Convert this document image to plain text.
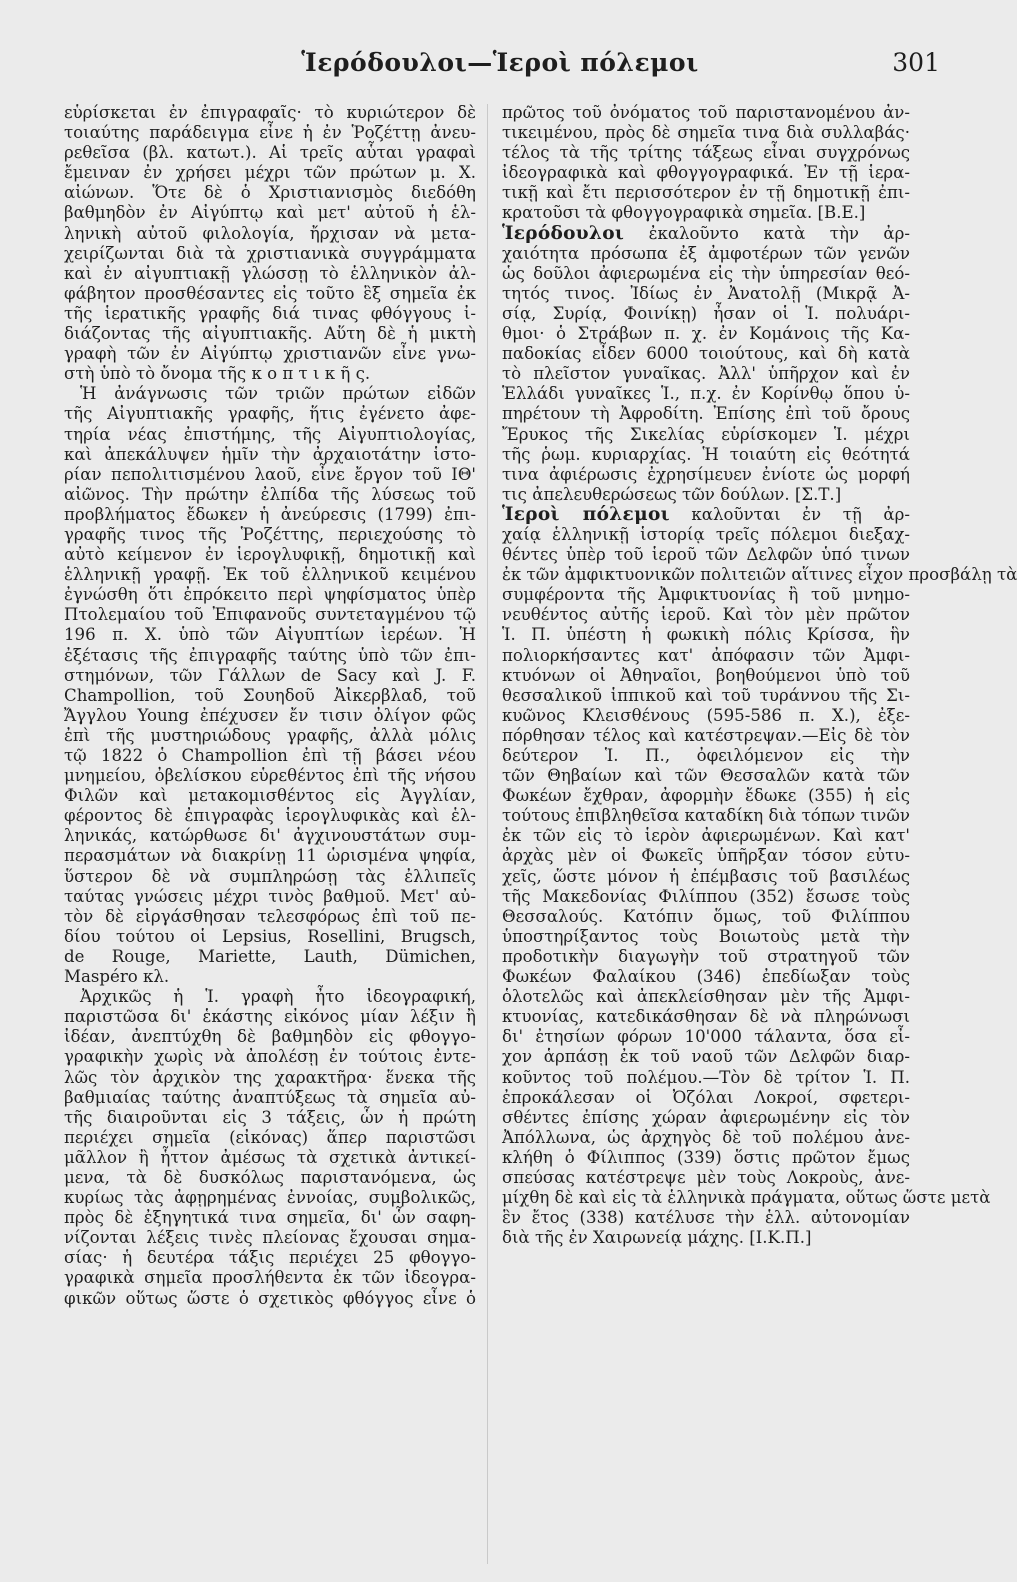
Ἱερόδουλοι—Ἱεροὶ πόλεμοι	301
εὑρίσκεται ἐν ἐπιγραφαῖς· τὸ κυριώτερον δὲ
τοιαύτης παράδειγμα εἶνε ἡ ἐν Ῥοζέττῃ ἀνευ-
ρεθεῖσα (βλ. κατωτ.). Αἱ τρεῖς αὗται γραφαὶ
ἔμειναν ἐν χρήσει μέχρι τῶν πρώτων μ. Χ.
αἰώνων. Ὅτε δὲ ὁ Χριστιανισμὸς διεδόθη
βαθμηδὸν ἐν Αἰγύπτῳ καὶ μετ' αὐτοῦ ἡ ἑλ-
ληνικὴ αὐτοῦ φιλολογία, ἤρχισαν νὰ μετα-
χειρίζωνται διὰ τὰ χριστιανικὰ συγγράμματα
καὶ ἐν αἰγυπτιακῇ γλώσσῃ τὸ ἑλληνικὸν ἀλ-
φάβητον προσθέσαντες εἰς τοῦτο ἓξ σημεῖα ἐκ
τῆς ἱερατικῆς γραφῆς διά τινας φθόγγους ἰ-
διάζοντας τῆς αἰγυπτιακῆς. Αὕτη δὲ ἡ μικτὴ
γραφὴ τῶν ἐν Αἰγύπτῳ χριστιανῶν εἶνε γνω-
στὴ ὑπὸ τὸ ὄνομα τῆς κ ο π τ ι κ ῆ ς.
Ἡ ἀνάγνωσις τῶν τριῶν πρώτων εἰδῶν
τῆς Αἰγυπτιακῆς γραφῆς, ἥτις ἐγένετο ἀφε-
τηρία νέας ἐπιστήμης, τῆς Αἰγυπτιολογίας,
καὶ ἀπεκάλυψεν ἡμῖν τὴν ἀρχαιοτάτην ἱστο-
ρίαν πεπολιτισμένου λαοῦ, εἶνε ἔργον τοῦ ΙΘ'
αἰῶνος. Τὴν πρώτην ἐλπίδα τῆς λύσεως τοῦ
προβλήματος ἔδωκεν ἡ ἀνεύρεσις (1799) ἐπι-
γραφῆς τινος τῆς Ῥοζέττης, περιεχούσης τὸ
αὐτὸ κείμενον ἐν ἱερογλυφικῇ, δημοτικῇ καὶ
ἑλληνικῇ γραφῇ. Ἐκ τοῦ ἑλληνικοῦ κειμένου
ἐγνώσθη ὅτι ἐπρόκειτο περὶ ψηφίσματος ὑπὲρ
Πτολεμαίου τοῦ Ἐπιφανοῦς συντεταγμένου τῷ
196 π. Χ. ὑπὸ τῶν Αἰγυπτίων ἱερέων. Ἡ
ἐξέτασις τῆς ἐπιγραφῆς ταύτης ὑπὸ τῶν ἐπι-
στημόνων, τῶν Γάλλων de Sacy καὶ J. F.
Champollion, τοῦ Σουηδοῦ Ἀἰκερβλαδ, τοῦ
Ἄγγλου Young ἐπέχυσεν ἔν τισιν ὀλίγον φῶς
ἐπὶ τῆς μυστηριώδους γραφῆς, ἀλλὰ μόλις
τῷ 1822 ὁ Champollion ἐπὶ τῇ βάσει νέου
μνημείου, ὀβελίσκου εὑρεθέντος ἐπὶ τῆς νήσου
Φιλῶν καὶ μετακομισθέντος εἰς Ἀγγλίαν,
φέροντος δὲ ἐπιγραφὰς ἱερογλυφικὰς καὶ ἑλ-
ληνικάς, κατώρθωσε δι' ἀγχινουστάτων συμ-
περασμάτων νὰ διακρίνῃ 11 ὡρισμένα ψηφία,
ὕστερον δὲ νὰ συμπληρώσῃ τὰς ἐλλιπεῖς
ταύτας γνώσεις μέχρι τινὸς βαθμοῦ. Μετ' αὐ-
τὸν δὲ εἰργάσθησαν τελεσφόρως ἐπὶ τοῦ πε-
δίου τούτου οἱ Lepsius, Rosellini, Brugsch,
de Rouge, Mariette, Lauth, Dümichen,
Maspéro κλ.
Ἀρχικῶς ἡ Ἱ. γραφὴ ἦτο ἰδεογραφική,
παριστῶσα δι' ἑκάστης εἰκόνος μίαν λέξιν ἢ
ἰδέαν, ἀνεπτύχθη δὲ βαθμηδὸν εἰς φθογγο-
γραφικὴν χωρὶς νὰ ἀπολέσῃ ἐν τούτοις ἐντε-
λῶς τὸν ἀρχικὸν της χαρακτῆρα· ἕνεκα τῆς
βαθμιαίας ταύτης ἀναπτύξεως τὰ σημεῖα αὐ-
τῆς διαιροῦνται εἰς 3 τάξεις, ὧν ἡ πρώτη
περιέχει σημεῖα (εἰκόνας) ἅπερ παριστῶσι
μᾶλλον ἢ ἧττον ἀμέσως τὰ σχετικὰ ἀντικεί-
μενα, τὰ δὲ δυσκόλως παριστανόμενα, ὡς
κυρίως τὰς ἀφῃρημένας ἐννοίας, συμβολικῶς,
πρὸς δὲ ἐξηγητικά τινα σημεῖα, δι' ὧν σαφη-
νίζονται λέξεις τινὲς πλείονας ἔχουσαι σημα-
σίας· ἡ δευτέρα τάξις περιέχει 25 φθογγο-
γραφικὰ σημεῖα προσλήθεντα ἐκ τῶν ἰδεογρα-
φικῶν οὕτως ὥστε ὁ σχετικὸς φθόγγος εἶνε ὁ
πρῶτος τοῦ ὀνόματος τοῦ παριστανομένου ἀν-
τικειμένου, πρὸς δὲ σημεῖα τινα διὰ συλλαβάς·
τέλος τὰ τῆς τρίτης τάξεως εἶναι συγχρόνως
ἰδεογραφικὰ καὶ φθογγογραφικά. Ἐν τῇ ἱερα-
τικῇ καὶ ἔτι περισσότερον ἐν τῇ δημοτικῇ ἐπι-
κρατοῦσι τὰ φθογγογραφικὰ σημεῖα. [Β.Ε.]
Ἱερόδουλοι ἐκαλοῦντο κατὰ τὴν ἀρ-
χαιότητα πρόσωπα ἐξ ἀμφοτέρων τῶν γενῶν
ὡς δοῦλοι ἀφιερωμένα εἰς τὴν ὑπηρεσίαν θεό-
τητός τινος. Ἰδίως ἐν Ἀνατολῇ (Μικρᾷ Ἀ-
σίᾳ, Συρίᾳ, Φοινίκῃ) ἦσαν οἱ Ἱ. πολυάρι-
θμοι· ὁ Στράβων π. χ. ἐν Κομάνοις τῆς Κα-
παδοκίας εἶδεν 6000 τοιούτους, καὶ δὴ κατὰ
τὸ πλεῖστον γυναῖκας. Ἀλλ' ὑπῆρχον καὶ ἐν
Ἑλλάδι γυναῖκες Ἱ., π.χ. ἐν Κορίνθῳ ὅπου ὑ-
πηρέτουν τὴ Ἀφροδίτη. Ἐπίσης ἐπὶ τοῦ ὄρους
Ἔρυκος τῆς Σικελίας εὑρίσκομεν Ἱ. μέχρι
τῆς ῥωμ. κυριαρχίας. Ἡ τοιαύτη εἰς θεότητά
τινα ἀφιέρωσις ἐχρησίμευεν ἐνίοτε ὡς μορφή
τις ἀπελευθερώσεως τῶν δούλων. [Σ.Τ.]
Ἱεροὶ πόλεμοι καλοῦνται ἐν τῇ ἀρ-
χαίᾳ ἑλληνικῇ ἱστορίᾳ τρεῖς πόλεμοι διεξαχ-
θέντες ὑπὲρ τοῦ ἱεροῦ τῶν Δελφῶν ὑπό τινων
ἐκ τῶν ἀμφικτυονικῶν πολιτειῶν αἵτινες εἶχον προσβάλῃ τὰ
συμφέροντα τῆς Ἀμφικτυονίας ἢ τοῦ μνημο-
νευθέντος αὐτῆς ἱεροῦ. Καὶ τὸν μὲν πρῶτον
Ἱ. Π. ὑπέστη ἡ φωκικὴ πόλις Κρίσσα, ἣν
πολιορκήσαντες κατ' ἀπόφασιν τῶν Ἀμφι-
κτυόνων οἱ Ἀθηναῖοι, βοηθούμενοι ὑπὸ τοῦ
θεσσαλικοῦ ἱππικοῦ καὶ τοῦ τυράννου τῆς Σι-
κυῶνος Κλεισθένους (595-586 π. Χ.), ἐξε-
πόρθησαν τέλος καὶ κατέστρεψαν.—Εἰς δὲ τὸν
δεύτερον Ἱ. Π., ὀφειλόμενον εἰς τὴν
τῶν Θηβαίων καὶ τῶν Θεσσαλῶν κατὰ τῶν
Φωκέων ἔχθραν, ἀφορμὴν ἔδωκε (355) ἡ εἰς
τούτους ἐπιβληθεῖσα καταδίκη διὰ τόπων τινῶν
ἐκ τῶν εἰς τὸ ἱερὸν ἀφιερωμένων. Καὶ κατ'
ἀρχὰς μὲν οἱ Φωκεῖς ὑπῆρξαν τόσον εὐτυ-
χεῖς, ὥστε μόνον ἡ ἐπέμβασις τοῦ βασιλέως
τῆς Μακεδονίας Φιλίππου (352) ἔσωσε τοὺς
Θεσσαλούς. Κατόπιν ὅμως, τοῦ Φιλίππου
ὑποστηρίξαντος τοὺς Βοιωτοὺς μετὰ τὴν
προδοτικὴν διαγωγὴν τοῦ στρατηγοῦ τῶν
Φωκέων Φαλαίκου (346) ἐπεδίωξαν τοὺς
ὁλοτελῶς καὶ ἀπεκλείσθησαν μὲν τῆς Ἀμφι-
κτυονίας, κατεδικάσθησαν δὲ νὰ πληρώνωσι
δι' ἐτησίων φόρων 10'000 τάλαντα, ὅσα εἶ-
χον ἁρπάσῃ ἐκ τοῦ ναοῦ τῶν Δελφῶν διαρ-
κοῦντος τοῦ πολέμου.—Τὸν δὲ τρίτον Ἱ. Π.
ἐπροκάλεσαν οἱ Ὀζόλαι Λοκροί, σφετερι-
σθέντες ἐπίσης χώραν ἀφιερωμένην εἰς τὸν
Ἀπόλλωνα, ὡς ἀρχηγὸς δὲ τοῦ πολέμου ἀνε-
κλήθη ὁ Φίλιππος (339) ὅστις πρῶτον ἔμως
σπεύσας κατέστρεψε μὲν τοὺς Λοκροὺς, ἀνε-
μίχθη δὲ καὶ εἰς τὰ ἑλληνικὰ πράγματα, οὕτως ὥστε μετὰ
ἓν ἔτος (338) κατέλυσε τὴν ἑλλ. αὐτονομίαν
διὰ τῆς ἐν Χαιρωνείᾳ μάχης. [Ι.Κ.Π.]
